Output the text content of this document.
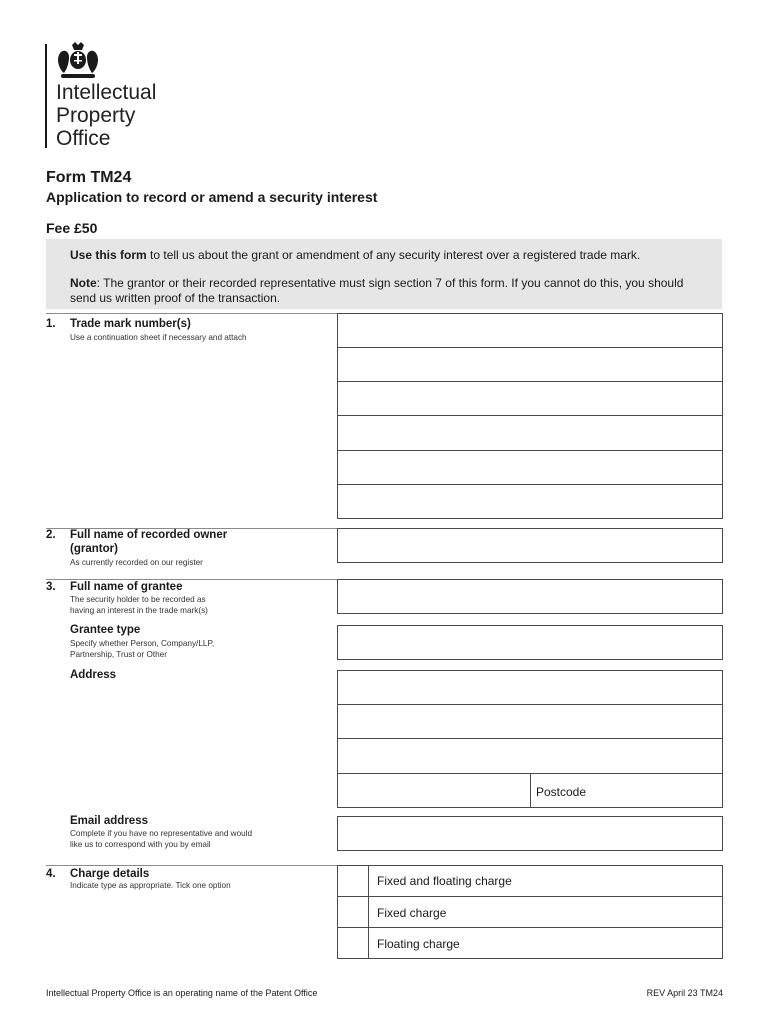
Intellectual
Property
Office
Form TM24
Application to record or amend a security interest
Fee £50

Use this form to tell us about the grant or amendment of any security interest over a registered trade mark.

Note: The grantor or their recorded representative must sign section 7 of this form. If you cannot do this, you should send us written proof of the transaction.

1. Trade mark number(s)
Use a continuation sheet if necessary and attach
2. Full name of recorded owner
(grantor)
As currently recorded on our register
3. Full name of grantee
The security holder to be recorded as
having an interest in the trade mark(s)
Grantee type
Specify whether Person, Company/LLP,
Partnership, Trust or Other
Address
Postcode
Email address
Complete if you have no representative and would
like us to correspond with you by email
4. Charge details
Indicate type as appropriate. Tick one option	Fixed and floating charge
Fixed charge
Floating charge
Intellectual Property Office is an operating name of the Patent Office	REV April 23 TM24
